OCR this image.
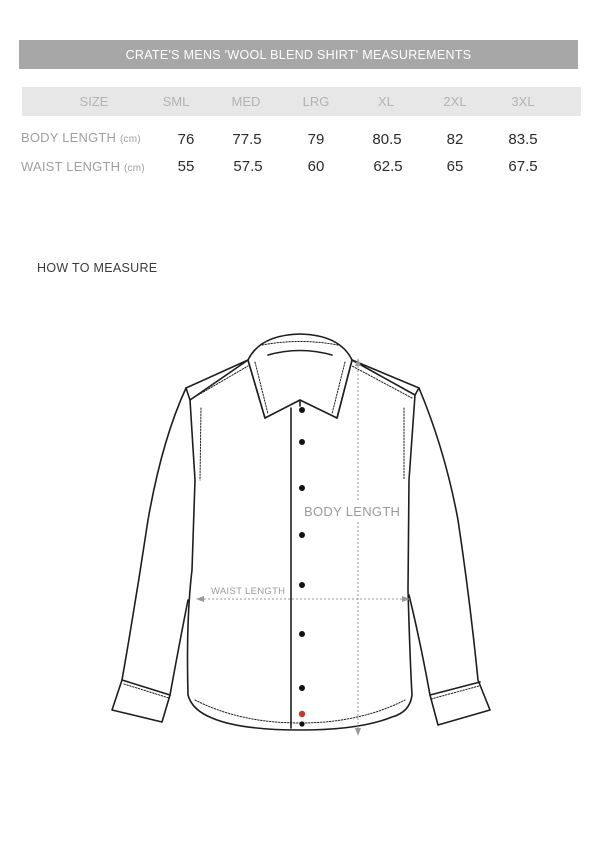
CRATE'S MENS 'WOOL BLEND SHIRT' MEASUREMENTS
SIZE	SML	MED	LRG	XL	2XL	3XL
BODY LENGTH (cm)	76	77.5	79	80.5	82	83.5
WAIST LENGTH (cm)	55	57.5	60	62.5	65	67.5
HOW TO MEASURE
BODY LENGTH
WAIST LENGTH
